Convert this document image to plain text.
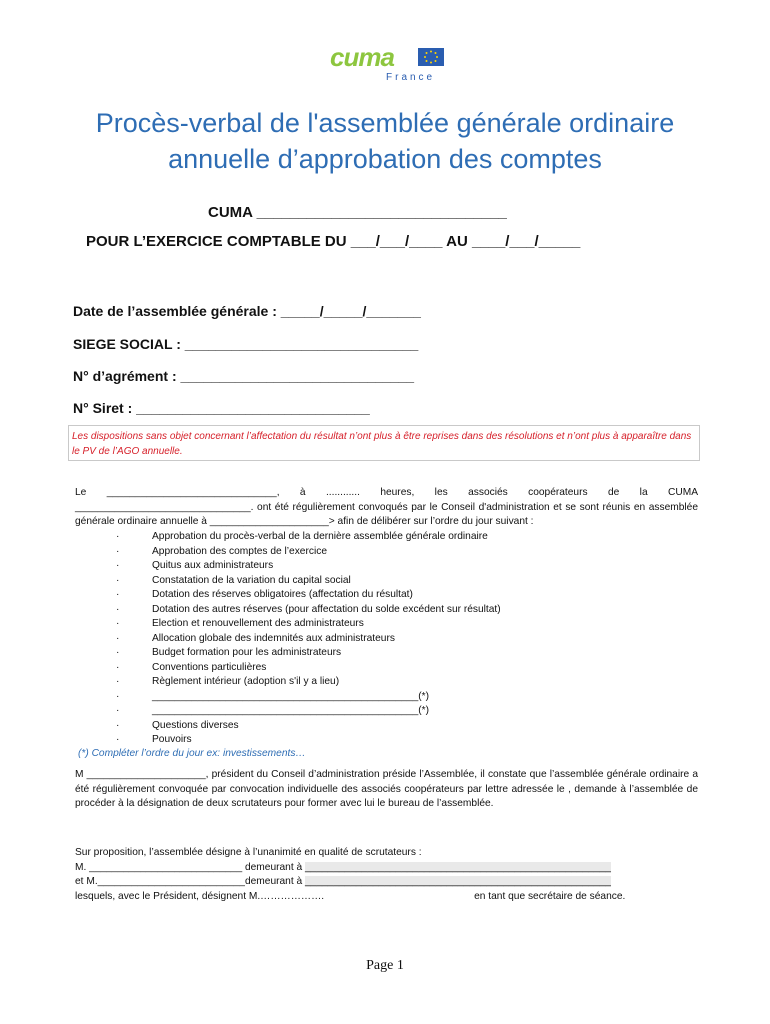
cuma
France
Procès-verbal de l'assemblée générale ordinaire
annuelle d’approbation des comptes
CUMA ______________________________
POUR L’EXERCICE COMPTABLE DU ___/___/____ AU ____/___/_____
Date de l’assemblée générale : _____/_____/_______
SIEGE SOCIAL : ______________________________
N° d’agrément : ______________________________
N° Siret : ______________________________
Les dispositions sans objet concernant l’affectation du résultat n’ont plus à être reprises dans des résolutions et n’ont plus à apparaître dans le PV de l’AGO annuelle.
Le ______________________________, à ............ heures, les associés coopérateurs de la CUMA _______________________________. ont été régulièrement convoqués par le Conseil d'administration et se sont réunis en assemblée générale ordinaire annuelle à _____________________> afin de délibérer sur l’ordre du jour suivant :
·	Approbation du procès-verbal de la dernière assemblée générale ordinaire
·	Approbation des comptes de l’exercice
·	Quitus aux administrateurs
·	Constatation de la variation du capital social
·	Dotation des réserves obligatoires (affectation du résultat)
·	Dotation des autres réserves (pour affectation du solde excédent sur résultat)
·	Election et renouvellement des administrateurs
·	Allocation globale des indemnités aux administrateurs
·	Budget formation pour les administrateurs
·	Conventions particulières
·	Règlement intérieur (adoption s'il y a lieu)
·	_______________________________________________(*)
·	_______________________________________________(*)
·	Questions diverses
·	Pouvoirs
(*) Compléter l’ordre du jour ex: investissements…
M _____________________, président du Conseil d’administration préside l’Assemblée, il constate que l’assemblée générale ordinaire a été régulièrement convoquée par convocation individuelle des associés coopérateurs par lettre adressée le , demande à l’assemblée de procéder à la désignation de deux scrutateurs pour former avec lui le bureau de l’assemblée.
Sur proposition, l’assemblée désigne à l’unanimité en qualité de scrutateurs :
M. ___________________________ demeurant à ______________________________________________________
et M.__________________________demeurant à ______________________________________________________
lesquels, avec le Président, désignent M.……………….	en tant que secrétaire de séance.
Page 1
